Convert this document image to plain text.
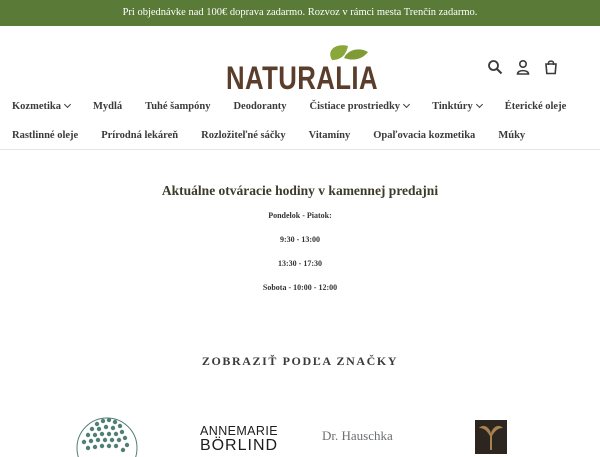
Pri objednávke nad 100€ doprava zadarmo. Rozvoz v rámci mesta Trenčín zadarmo.
NATURALIA
Kozmetika	Mydlá Tuhé šampóny Deodoranty Čistiace prostriedky	Tinktúry	Éterické oleje
Rastlinné oleje Prírodná lekáreň Rozložiteľné sáčky Vitamíny Opaľovacia kozmetika Múky
Aktuálne otváracie hodiny v kamennej predajni
Pondelok - Piatok:
9:30 - 13:00
13:30 - 17:30
Sobota - 10:00 - 12:00
ZOBRAZIŤ PODĽA ZNAČKY
ANNEMARIE
BÖRLIND
Dr. Hauschka
